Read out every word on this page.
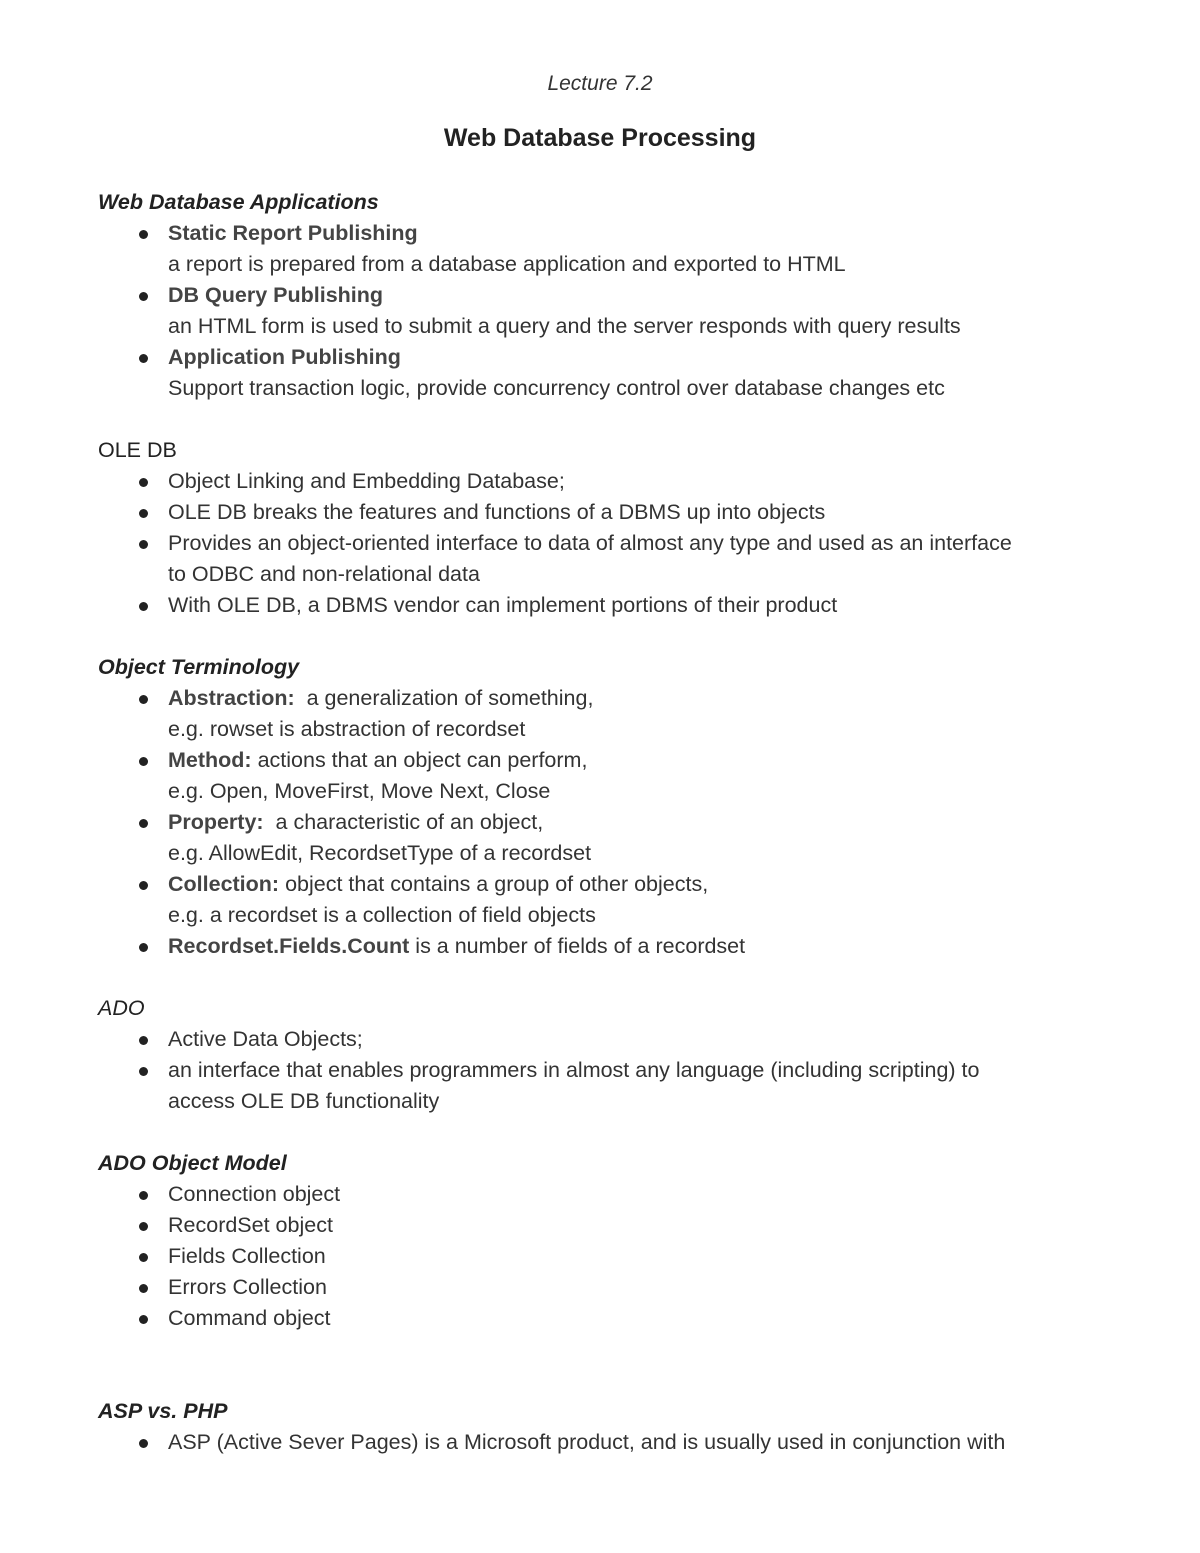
Lecture 7.2
Web Database Processing
Web Database Applications
Static Report Publishing
a report is prepared from a database application and exported to HTML
DB Query Publishing
an HTML form is used to submit a query and the server responds with query results
Application Publishing
Support transaction logic, provide concurrency control over database changes etc
OLE DB
Object Linking and Embedding Database;
OLE DB breaks the features and functions of a DBMS up into objects
Provides an object-oriented interface to data of almost any type and used as an interface
to ODBC and non-relational data
With OLE DB, a DBMS vendor can implement portions of their product
Object Terminology
Abstraction:  a generalization of something,
e.g. rowset is abstraction of recordset
Method: actions that an object can perform,
e.g. Open, MoveFirst, Move Next, Close
Property:  a characteristic of an object,
e.g. AllowEdit, RecordsetType of a recordset
Collection: object that contains a group of other objects,
e.g. a recordset is a collection of field objects
Recordset.Fields.Count is a number of fields of a recordset
ADO
Active Data Objects;
an interface that enables programmers in almost any language (including scripting) to
access OLE DB functionality
ADO Object Model
Connection object
RecordSet object
Fields Collection
Errors Collection
Command object
ASP vs. PHP
ASP (Active Sever Pages) is a Microsoft product, and is usually used in conjunction with
